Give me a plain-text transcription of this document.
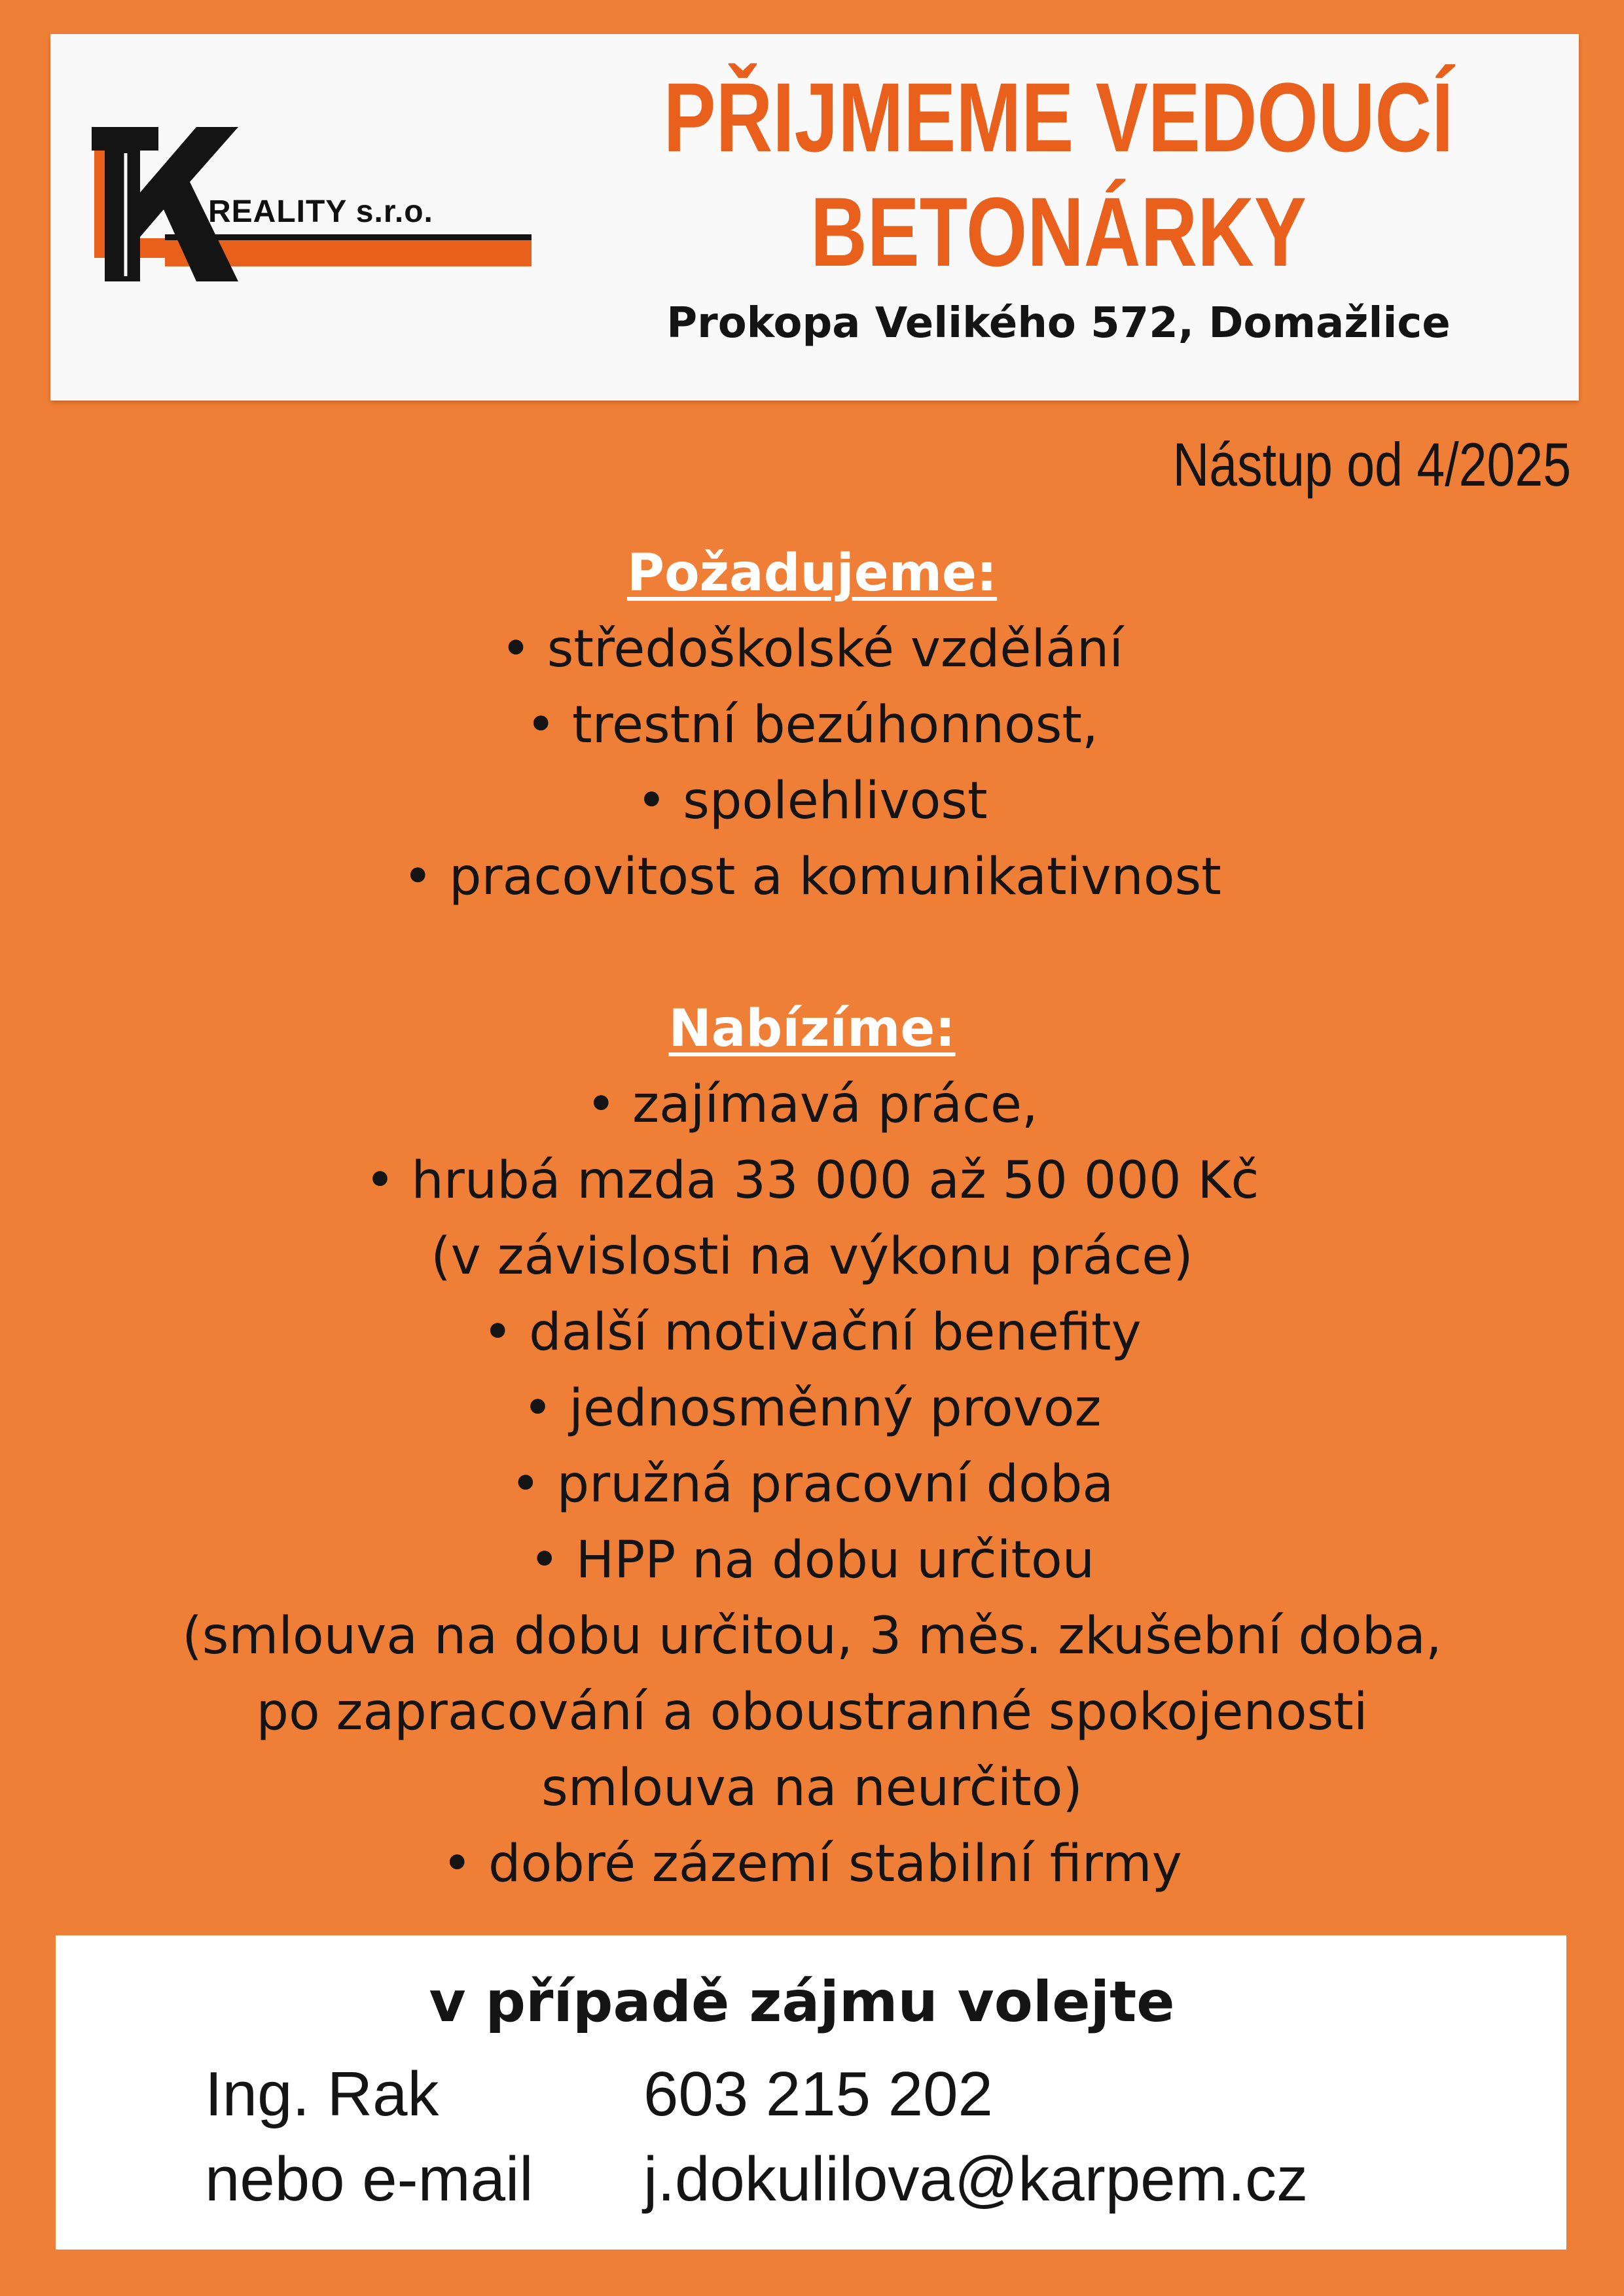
REALITY s.r.o.
PŘIJMEME VEDOUCÍ
BETONÁRKY
Prokopa Velikého 572, Domažlice
Nástup od 4/2025
Požadujeme:
• středoškolské vzdělání
• trestní bezúhonnost,
• spolehlivost
• pracovitost a komunikativnost
Nabízíme:
• zajímavá práce,
• hrubá mzda 33 000 až 50 000 Kč
(v závislosti na výkonu práce)
• další motivační benefity
• jednosměnný provoz
• pružná pracovní doba
• HPP na dobu určitou
(smlouva na dobu určitou, 3 měs. zkušební doba,
po zapracování a oboustranné spokojenosti
smlouva na neurčito)
• dobré zázemí stabilní firmy
v případě zájmu volejte
Ing. Rak	603 215 202
nebo e-mail j.dokulilova@karpem.cz
